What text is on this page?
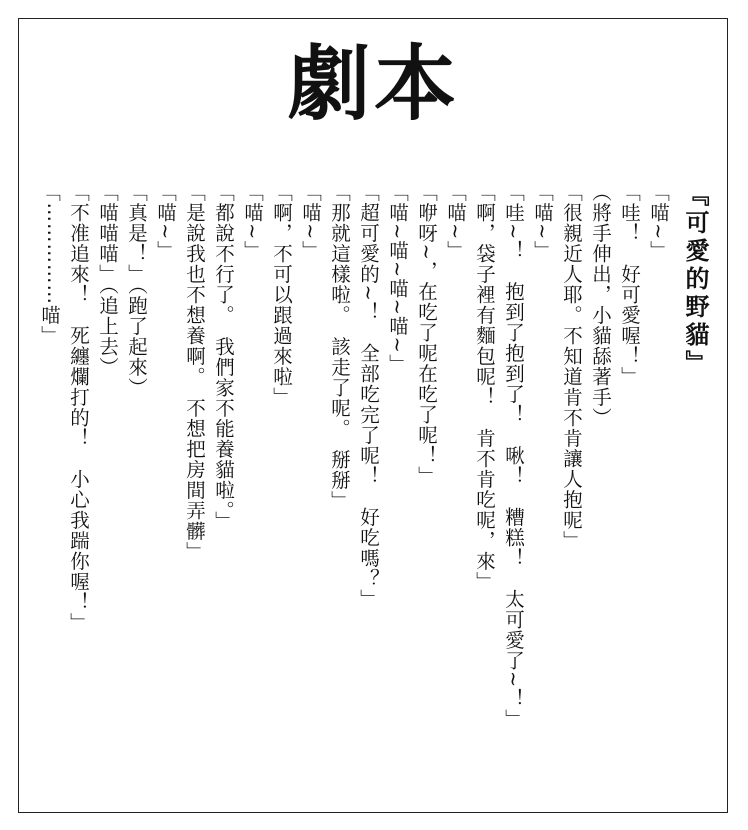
劇本
『可愛的野貓』
「喵~」
「哇！　好可愛喔！」
（將手伸出，小貓舔著手）
「很親近人耶。不知道肯不肯讓人抱呢」
「喵~」
「哇~！　抱到了抱到了！　啾！　糟糕！　太可愛了~！」
「啊，袋子裡有麵包呢！　肯不肯吃呢，來」
「喵~」
「咿呀~，在吃了呢在吃了呢！」
「喵~喵~喵~喵~」
「超可愛的~！　全部吃完了呢！　好吃嗎？」
「那就這樣啦。　該走了呢。　掰掰」
「喵~」
「啊，不可以跟過來啦」
「喵~」
「都說不行了。　我們家不能養貓啦。」
「是說我也不想養啊。　不想把房間弄髒」
「喵~」
「真是！」（跑了起來）
「喵喵喵」（追上去）
「不准追來！　死纏爛打的！　小心我踹你喔！」
「⋯⋯⋯⋯⋯喵」
